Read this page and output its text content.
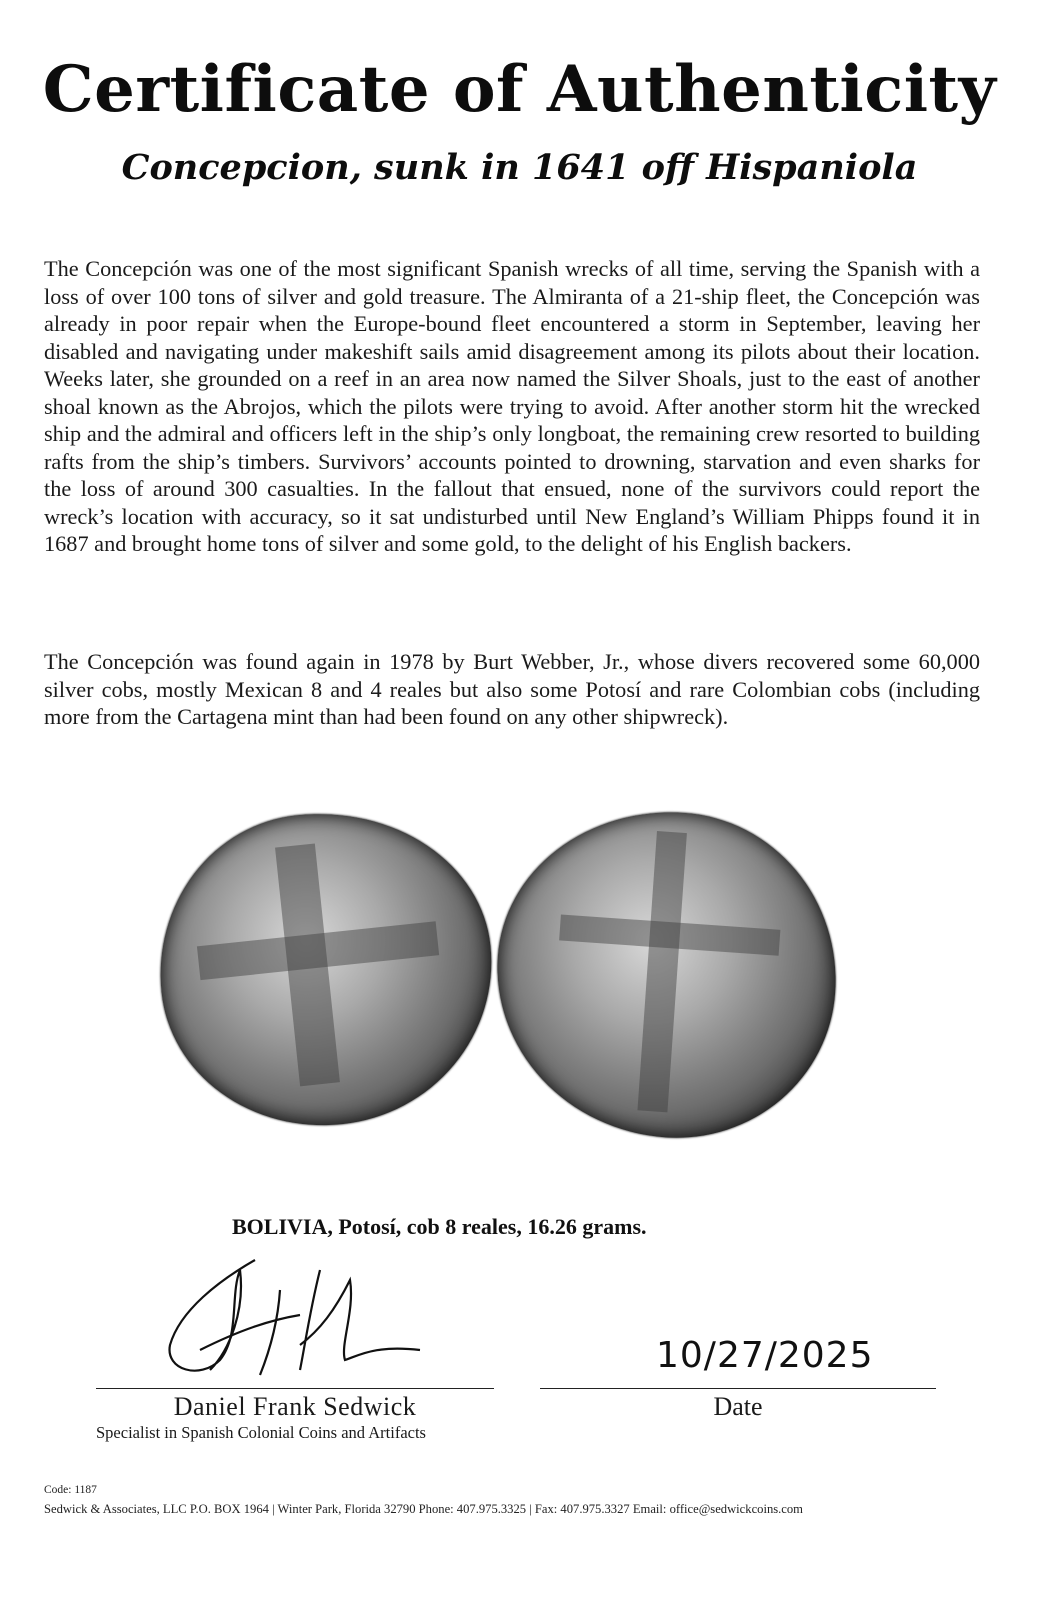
Certificate of Authenticity
Concepcion, sunk in 1641 off Hispaniola

The Concepción was one of the most significant Spanish wrecks of all time, serving the Spanish with a loss of over 100 tons of silver and gold treasure. The Almiranta of a 21-ship fleet, the Concepción was already in poor repair when the Europe-bound fleet encountered a storm in September, leaving her disabled and navigating under makeshift sails amid disagreement among its pilots about their location. Weeks later, she grounded on a reef in an area now named the Silver Shoals, just to the east of another shoal known as the Abrojos, which the pilots were trying to avoid. After another storm hit the wrecked ship and the admiral and officers left in the ship’s only longboat, the remaining crew resorted to building rafts from the ship’s timbers. Survivors’ accounts pointed to drowning, starvation and even sharks for the loss of around 300 casualties. In the fallout that ensued, none of the survivors could report the wreck’s location with accuracy, so it sat undisturbed until New England’s William Phipps found it in 1687 and brought home tons of silver and some gold, to the delight of his English backers.

The Concepción was found again in 1978 by Burt Webber, Jr., whose divers recovered some 60,000 silver cobs, mostly Mexican 8 and 4 reales but also some Potosí and rare Colombian cobs (including more from the Cartagena mint than had been found on any other shipwreck).

BOLIVIA, Potosí, cob 8 reales, 16.26 grams.

10/27/2025

Daniel Frank Sedwick

Specialist in Spanish Colonial Coins and Artifacts

Date

Code: 1187

Sedwick & Associates, LLC P.O. BOX 1964 | Winter Park, Florida 32790 Phone: 407.975.3325 | Fax: 407.975.3327 Email: office@sedwickcoins.com
